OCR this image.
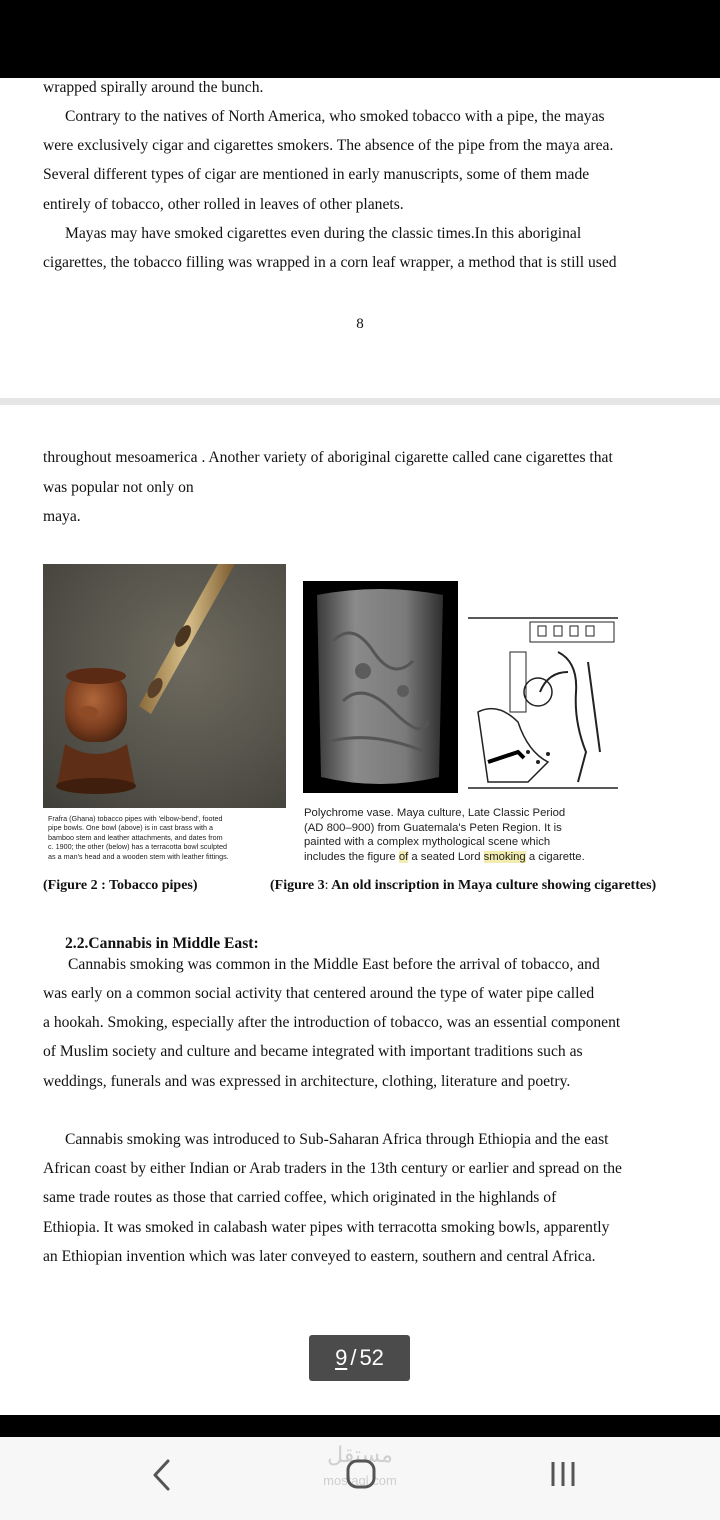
wrapped spirally around the bunch.
Contrary to the natives of North America, who smoked tobacco with a pipe, the mayas
were exclusively cigar and cigarettes smokers. The absence of the pipe from the maya area.
Several different types of cigar are mentioned in early manuscripts, some of them made
entirely of tobacco, other rolled in leaves of other planets.
Mayas may have smoked cigarettes even during the classic times.In this aboriginal
cigarettes, the tobacco filling was wrapped in a corn leaf wrapper, a method that is still used
8
throughout mesoamerica . Another variety of aboriginal cigarette called cane cigarettes that
was popular not only on
maya.
Frafra (Ghana) tobacco pipes with 'elbow-bend', footed
pipe bowls. One bowl (above) is in cast brass with a
bamboo stem and leather attachments, and dates from
c. 1900; the other (below) has a terracotta bowl sculpted
as a man's head and a wooden stem with leather fittings.
Polychrome vase. Maya culture, Late Classic Period
(AD 800–900) from Guatemala's Peten Region. It is
painted with a complex mythological scene which
includes the figure of a seated Lord smoking a cigarette.
(Figure 2 : Tobacco pipes)	(Figure 3: An old inscription in Maya culture showing cigarettes)
2.2.Cannabis in Middle East:
Cannabis smoking was common in the Middle East before the arrival of tobacco, and
was early on a common social activity that centered around the type of water pipe called
a hookah. Smoking, especially after the introduction of tobacco, was an essential component
of Muslim society and culture and became integrated with important traditions such as
weddings, funerals and was expressed in architecture, clothing, literature and poetry.
Cannabis smoking was introduced to Sub-Saharan Africa through Ethiopia and the east
African coast by either Indian or Arab traders in the 13th century or earlier and spread on the
same trade routes as those that carried coffee, which originated in the highlands of
Ethiopia. It was smoked in calabash water pipes with terracotta smoking bowls, apparently
an Ethiopian invention which was later conveyed to eastern, southern and central Africa.
9 / 52
مستقل
mostaql.com
